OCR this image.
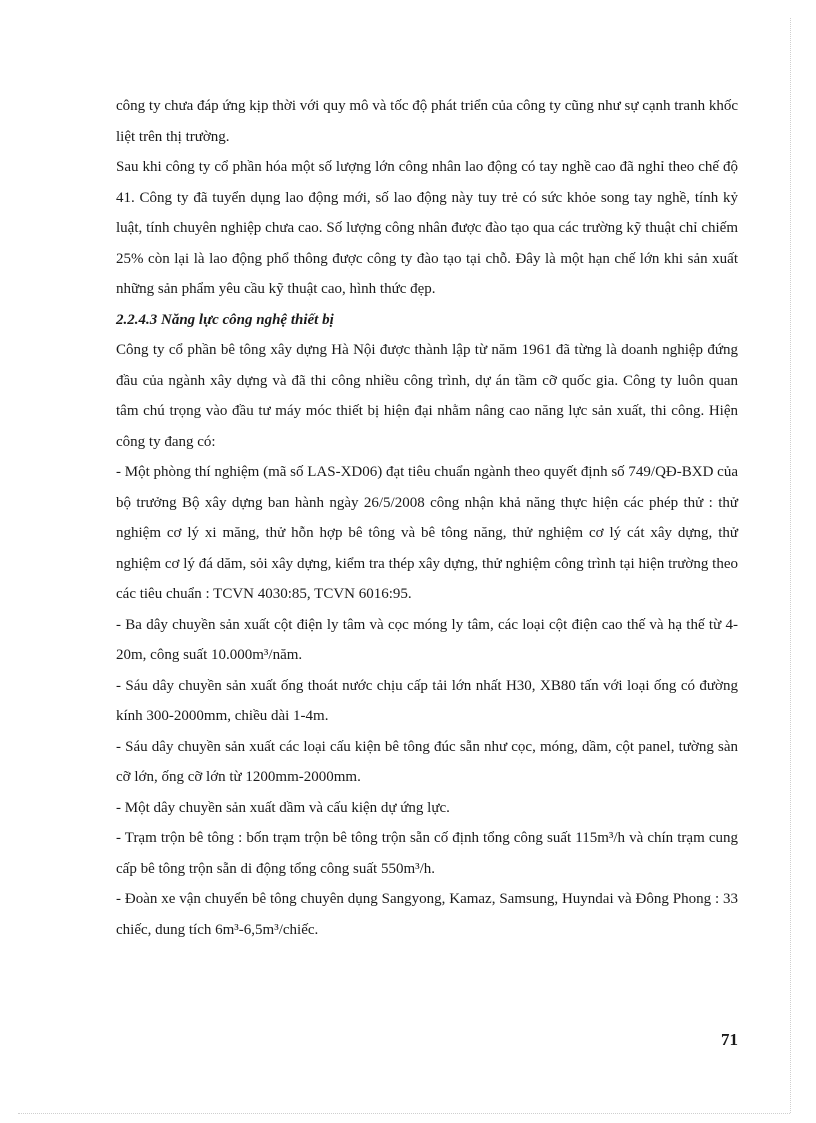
công ty chưa đáp ứng kịp thời với quy mô và tốc độ phát triển của công ty cũng như sự cạnh tranh khốc liệt trên thị trường.

Sau khi công ty cổ phần hóa một số lượng lớn công nhân lao động có tay nghề cao đã nghỉ theo chế độ 41. Công ty đã tuyển dụng lao động mới, số lao động này tuy trẻ có sức khỏe song tay nghề, tính kỷ luật, tính chuyên nghiệp chưa cao. Số lượng công nhân được đào tạo qua các trường kỹ thuật chỉ chiếm 25% còn lại là lao động phổ thông được công ty đào tạo tại chỗ. Đây là một hạn chế lớn khi sản xuất những sản phẩm yêu cầu kỹ thuật cao, hình thức đẹp.

2.2.4.3 Năng lực công nghệ thiết bị

Công ty cổ phần bê tông xây dựng Hà Nội được thành lập từ năm 1961 đã từng là doanh nghiệp đứng đầu của ngành xây dựng và đã thi công nhiều công trình, dự án tầm cỡ quốc gia. Công ty luôn quan tâm chú trọng vào đầu tư máy móc thiết bị hiện đại nhằm nâng cao năng lực sản xuất, thi công. Hiện công ty đang có:

- Một phòng thí nghiệm (mã số LAS-XD06) đạt tiêu chuẩn ngành theo quyết định số 749/QĐ-BXD của bộ trưởng Bộ xây dựng ban hành ngày 26/5/2008 công nhận khả năng thực hiện các phép thử : thử nghiệm cơ lý xi măng, thử hỗn hợp bê tông và bê tông năng, thử nghiệm cơ lý cát xây dựng, thử nghiệm cơ lý đá dăm, sỏi xây dựng, kiểm tra thép xây dựng, thử nghiệm công trình tại hiện trường theo các tiêu chuẩn : TCVN 4030:85, TCVN 6016:95.

- Ba dây chuyền sản xuất cột điện ly tâm và cọc móng ly tâm, các loại cột điện cao thế và hạ thế từ 4-20m, công suất 10.000m³/năm.

- Sáu dây chuyền sản xuất ống thoát nước chịu cấp tải lớn nhất H30, XB80 tấn với loại ống có đường kính 300-2000mm, chiều dài 1-4m.

- Sáu dây chuyền sản xuất các loại cấu kiện bê tông đúc sẵn như cọc, móng, dầm, cột panel, tường sàn cỡ lớn, ống cỡ lớn từ 1200mm-2000mm.

- Một dây chuyền sản xuất dầm và cấu kiện dự ứng lực.

- Trạm trộn bê tông : bốn trạm trộn bê tông trộn sẵn cố định tổng công suất 115m³/h và chín trạm cung cấp bê tông trộn sẵn di động tổng công suất 550m³/h.

- Đoàn xe vận chuyển bê tông chuyên dụng Sangyong, Kamaz, Samsung, Huyndai và Đông Phong : 33 chiếc, dung tích 6m³-6,5m³/chiếc.

71
